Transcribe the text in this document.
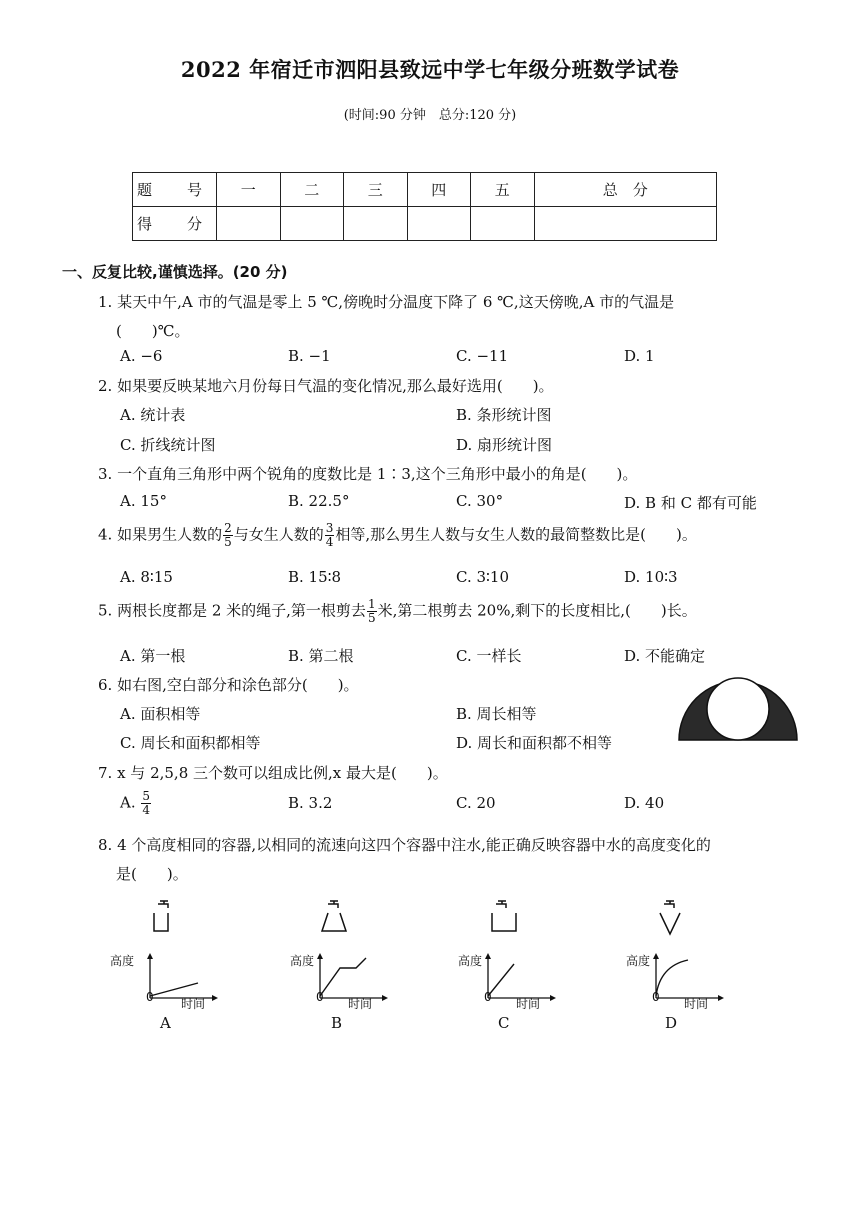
2022 年宿迁市泗阳县致远中学七年级分班数学试卷
(时间:90 分钟　总分:120 分)
题　号	一	二	三	四	五	总　分
得　分						
一、反复比较,谨慎选择。(20 分)
1. 某天中午,A 市的气温是零上 5 ℃,傍晚时分温度下降了 6 ℃,这天傍晚,A 市的气温是
(　　)℃。
A. −6	B. −1	C. −11	D. 1
2. 如果要反映某地六月份每日气温的变化情况,那么最好选用(　　)。
A. 统计表	B. 条形统计图
C. 折线统计图	D. 扇形统计图
3. 一个直角三角形中两个锐角的度数比是 1∶3,这个三角形中最小的角是(　　)。
A. 15°	B. 22.5°	C. 30°	D. B 和 C 都有可能
4. 如果男生人数的 $\frac{2}{5}$ 与女生人数的 $\frac{3}{4}$ 相等,那么男生人数与女生人数的最简整数比是(　　)。
A. 8∶15	B. 15∶8	C. 3∶10	D. 10∶3
5. 两根长度都是 2 米的绳子,第一根剪去 $\frac{1}{5}$ 米,第二根剪去 20%,剩下的长度相比,(　　)长。
A. 第一根	B. 第二根	C. 一样长	D. 不能确定
6. 如右图,空白部分和涂色部分(　　)。
A. 面积相等	B. 周长相等
C. 周长和面积都相等	D. 周长和面积都不相等
7. x 与 2,5,8 三个数可以组成比例,x 最大是(　　)。
A. $\frac{5}{4}$	B. 3.2	C. 20	D. 40
8. 4 个高度相同的容器,以相同的流速向这四个容器中注水,能正确反映容器中水的高度变化的
是(　　)。
高度
0 时间
A
高度
0 时间
B
高度
0 时间
C
高度
0 时间
D
